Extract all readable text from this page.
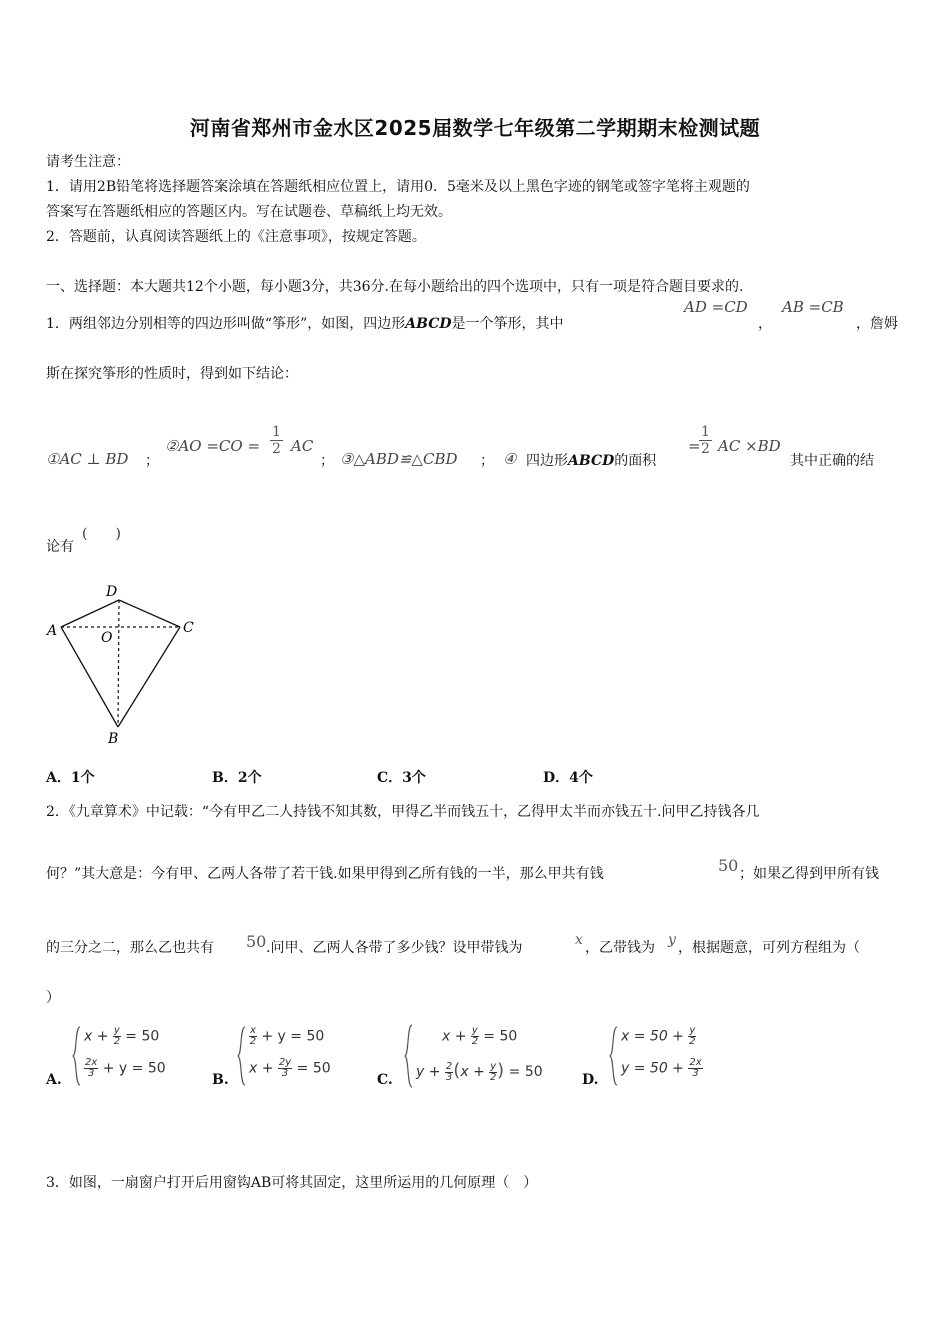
河南省郑州市金水区2025届数学七年级第二学期期末检测试题
请考生注意：
1．请用2B铅笔将选择题答案涂填在答题纸相应位置上，请用0．5毫米及以上黑色字迹的钢笔或签字笔将主观题的
答案写在答题纸相应的答题区内。写在试题卷、草稿纸上均无效。
2．答题前，认真阅读答题纸上的《注意事项》，按规定答题。
一、选择题：本大题共12个小题，每小题3分，共36分.在每小题给出的四个选项中，只有一项是符合题目要求的.
1．两组邻边分别相等的四边形叫做“筝形”，如图，四边形ABCD是一个筝形，其中
AD =CD
，
AB =CB
，詹姆
斯在探究筝形的性质时，得到如下结论：
①AC ⊥ BD ；
②AO $=CO = \frac{1}{2}$ AC
； ③△ABD≌△CBD ； ④ 四边形ABCD的面积
=
$\frac{1}{2}$ AC ×BD
其中正确的结
论有
(　　)
D
A	C
O
B
A．1个	B．2个	C．3个	D．4个
2．《九章算术》中记载：“今有甲乙二人持钱不知其数，甲得乙半而钱五十，乙得甲太半而亦钱五十.问甲乙持钱各几
何？”其大意是：今有甲、乙两人各带了若干钱.如果甲得到乙所有钱的一半，那么甲共有钱	50 ；如果乙得到甲所有钱
的三分之二，那么乙也共有 50 .问甲、乙两人各带了多少钱？设甲带钱为	x ，乙带钱为 y ，根据题意，可列方程组为（
）
A.	B.	C.	D.
$x + \frac{y}{2} = 50$
$\frac{2x}{3} + y = 50$
$\frac{x}{2} + y = 50$
$x + \frac{2y}{3} = 50$
$x + \frac{y}{2} = 50$
$y + \frac{2}{3} (x + \frac{y}{2}$ ) = 50
$x = 50 + \frac{y}{2}$
$y = 50 + \frac{2x}{3}$
3．如图，一扇窗户打开后用窗钩AB可将其固定，这里所运用的几何原理（　）
